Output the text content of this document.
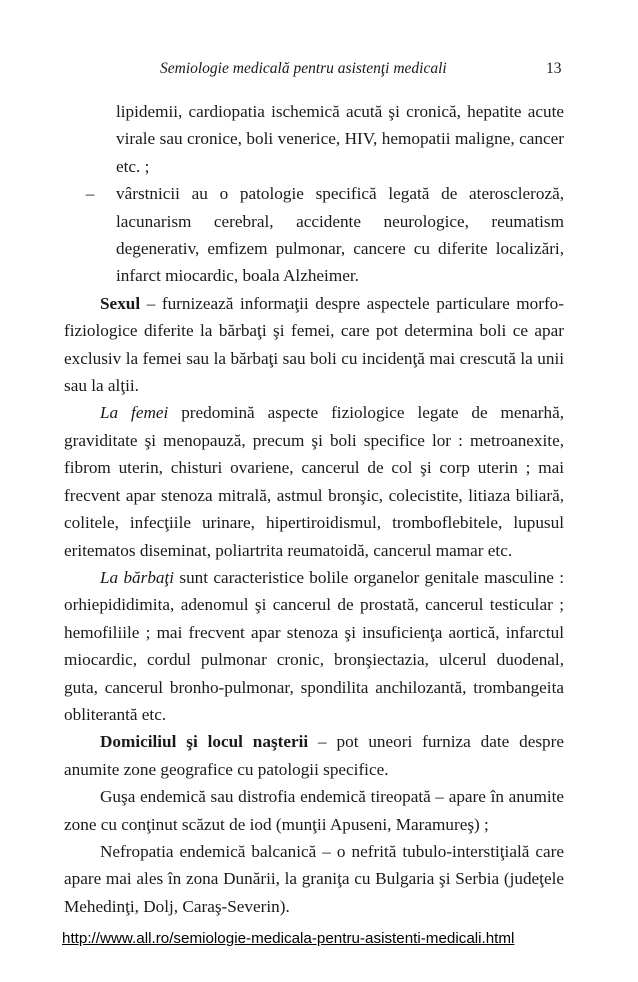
Semiologie medicală pentru asistenţi medicali	13
lipidemii, cardiopatia ischemică acută şi cronică, hepatite acute virale sau cronice, boli venerice, HIV, hemopatii maligne, cancer etc. ;
– vârstnicii au o patologie specifică legată de ateroscleroză, lacunarism cerebral, accidente neurologice, reumatism degenerativ, emfizem pulmonar, cancere cu diferite localizări, infarct miocardic, boala Alzheimer.

Sexul – furnizează informaţii despre aspectele particulare morfo-fiziologice diferite la bărbaţi şi femei, care pot determina boli ce apar exclusiv la femei sau la bărbaţi sau boli cu incidenţă mai crescută la unii sau la alţii.

La femei predomină aspecte fiziologice legate de menarhă, graviditate şi menopauză, precum şi boli specifice lor : metroanexite, fibrom uterin, chisturi ovariene, cancerul de col şi corp uterin ; mai frecvent apar stenoza mitrală, astmul bronşic, colecistite, litiaza biliară, colitele, infecţiile urinare, hipertiroidismul, tromboflebitele, lupusul eritematos diseminat, poliartrita reumatoidă, cancerul mamar etc.

La bărbaţi sunt caracteristice bolile organelor genitale masculine : orhiepididimita, adenomul şi cancerul de prostată, cancerul testicular ; hemofiliile ; mai frecvent apar stenoza şi insuficienţa aortică, infarctul miocardic, cordul pulmonar cronic, bronşiectazia, ulcerul duodenal, guta, cancerul bronho-pulmonar, spondilita anchilozantă, trombangeita obliterantă etc.

Domiciliul şi locul naşterii – pot uneori furniza date despre anumite zone geografice cu patologii specifice.

Guşa endemică sau distrofia endemică tireopată – apare în anumite zone cu conţinut scăzut de iod (munţii Apuseni, Maramureş) ;

Nefropatia endemică balcanică – o nefrită tubulo-interstiţială care apare mai ales în zona Dunării, la graniţa cu Bulgaria şi Serbia (judeţele Mehedinţi, Dolj, Caraş-Severin).

http://www.all.ro/semiologie-medicala-pentru-asistenti-medicali.html
